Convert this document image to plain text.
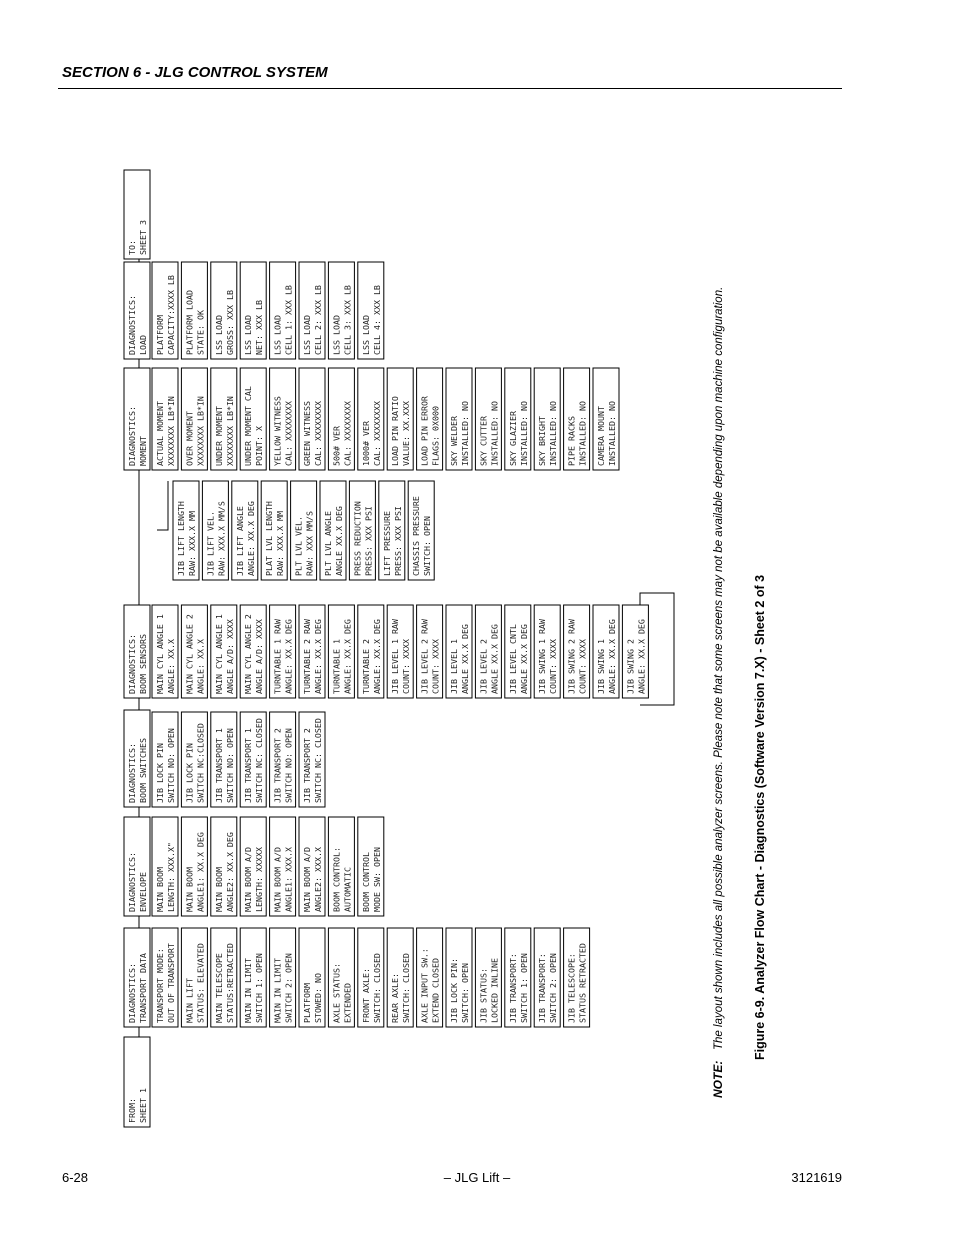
SECTION 6 - JLG CONTROL SYSTEM
FROM: SHEET 1
TO: SHEET 3
DIAGNOSTICS: TRANSPORT DATA TRANSPORT MODE: OUT OF TRANSPORT MAIN LIFT STATUS: ELEVATED MAIN TELESCOPE STATUS:RETRACTED MAIN IN LIMIT SWITCH 1: OPEN MAIN IN LIMIT SWITCH 2: OPEN PLATFORM STOWED: NO AXLE STATUS: EXTENDED FRONT AXLE: SWITCH: CLOSED REAR AXLE: SWITCH: CLOSED AXLE INPUT SW.: EXTEND CLOSED JIB LOCK PIN: SWITCH: OPEN JIB STATUS: LOCKED INLINE JIB TRANSPORT: SWITCH 1: OPEN JIB TRANSPORT: SWITCH 2: OPEN JIB TELESCOPE: STATUS RETRACTED
DIAGNOSTICS: ENVELOPE MAIN BOOM LENGTH: XXX.X" MAIN BOOM ANGLE1: XX.X DEG MAIN BOOM ANGLE2: XX.X DEG MAIN BOOM A/D LENGTH: XXXXX MAIN BOOM A/D ANGLE1: XXX.X MAIN BOOM A/D ANGLE2: XXX.X BOOM CONTROL: AUTOMATIC BOOM CONTROL MODE SW: OPEN
DIAGNOSTICS: BOOM SWITCHES JIB LOCK PIN SWITCH NO: OPEN JIB LOCK PIN SWITCH NC:CLOSED JIB TRANSPORT 1 SWITCH NO: OPEN JIB TRANSPORT 1 SWITCH NC: CLOSED JIB TRANSPORT 2 SWITCH NO: OPEN JIB TRANSPORT 2 SWITCH NC: CLOSED
DIAGNOSTICS: BOOM SENSORS MAIN CYL ANGLE 1 ANGLE: XX.X MAIN CYL ANGLE 2 ANGLE: XX.X MAIN CYL ANGLE 1 ANGLE A/D: XXXX MAIN CYL ANGLE 2 ANGLE A/D: XXXX TURNTABLE 1 RAW ANGLE: XX.X DEG TURNTABLE 2 RAW ANGLE: XX.X DEG TURNTABLE 1 ANGLE: XX.X DEG TURNTABLE 2 ANGLE: XX.X DEG JIB LEVEL 1 RAW COUNT: XXXX JIB LEVEL 2 RAW COUNT: XXXX JIB LEVEL 1 ANGLE XX.X DEG JIB LEVEL 2 ANGLE XX.X DEG JIB LEVEL CNTL ANGLE XX.X DEG JIB SWING 1 RAW COUNT: XXXX JIB SWING 2 RAW COUNT: XXXX JIB SWING 1 ANGLE: XX.X DEG JIB SWING 2 ANGLE: XX.X DEG
JIB LIFT LENGTH RAW: XXX.X MM JIB LIFT VEL. RAW: XXX.X MM/S JIB LIFT ANGLE ANGLE: XX.X DEG PLAT LVL LENGTH RAW: XXX.X MM PLT LVL VEL. RAW: XXX MM/S PLT LVL ANGLE ANGLE XX.X DEG PRESS REDUCTION PRESS: XXX PSI LIFT PRESSURE PRESS: XXX PSI CHASSIS PRESSURE SWITCH: OPEN
DIAGNOSTICS: MOMENT ACTUAL MOMENT XXXXXXXX LB*IN OVER MOMENT XXXXXXXX LB*IN UNDER MOMENT XXXXXXXX LB*IN UNDER MOMENT CAL POINT: X YELLOW WITNESS CAL: XXXXXXXX GREEN WITNESS CAL: XXXXXXXX 500# VER CAL: XXXXXXXX 1000# VER CAL: XXXXXXXX LOAD PIN RATIO VALUE: XX.XXX LOAD PIN ERROR FLAGS: 0X000 SKY WELDER INSTALLED: NO SKY CUTTER INSTALLED: NO SKY GLAZIER INSTALLED: NO SKY BRIGHT INSTALLED: NO PIPE RACKS INSTALLED: NO CAMERA MOUNT INSTALLED: NO
DIAGNOSTICS: LOAD PLATFORM CAPACITY:XXXX LB PLATFORM LOAD STATE: OK LSS LOAD GROSS: XXX LB LSS LOAD NET: XXX LB LSS LOAD CELL 1: XXX LB LSS LOAD CELL 2: XXX LB LSS LOAD CELL 3: XXX LB LSS LOAD CELL 4: XXX LB
Figure 6-9. Analyzer Flow Chart - Diagnostics (Software Version 7.X) - Sheet 2 of 3
NOTE:
The layout shown includes all possible analyzer screens. Please note that some screens may not be available depending upon machine configuration.
6-28	– JLG Lift –	3121619
